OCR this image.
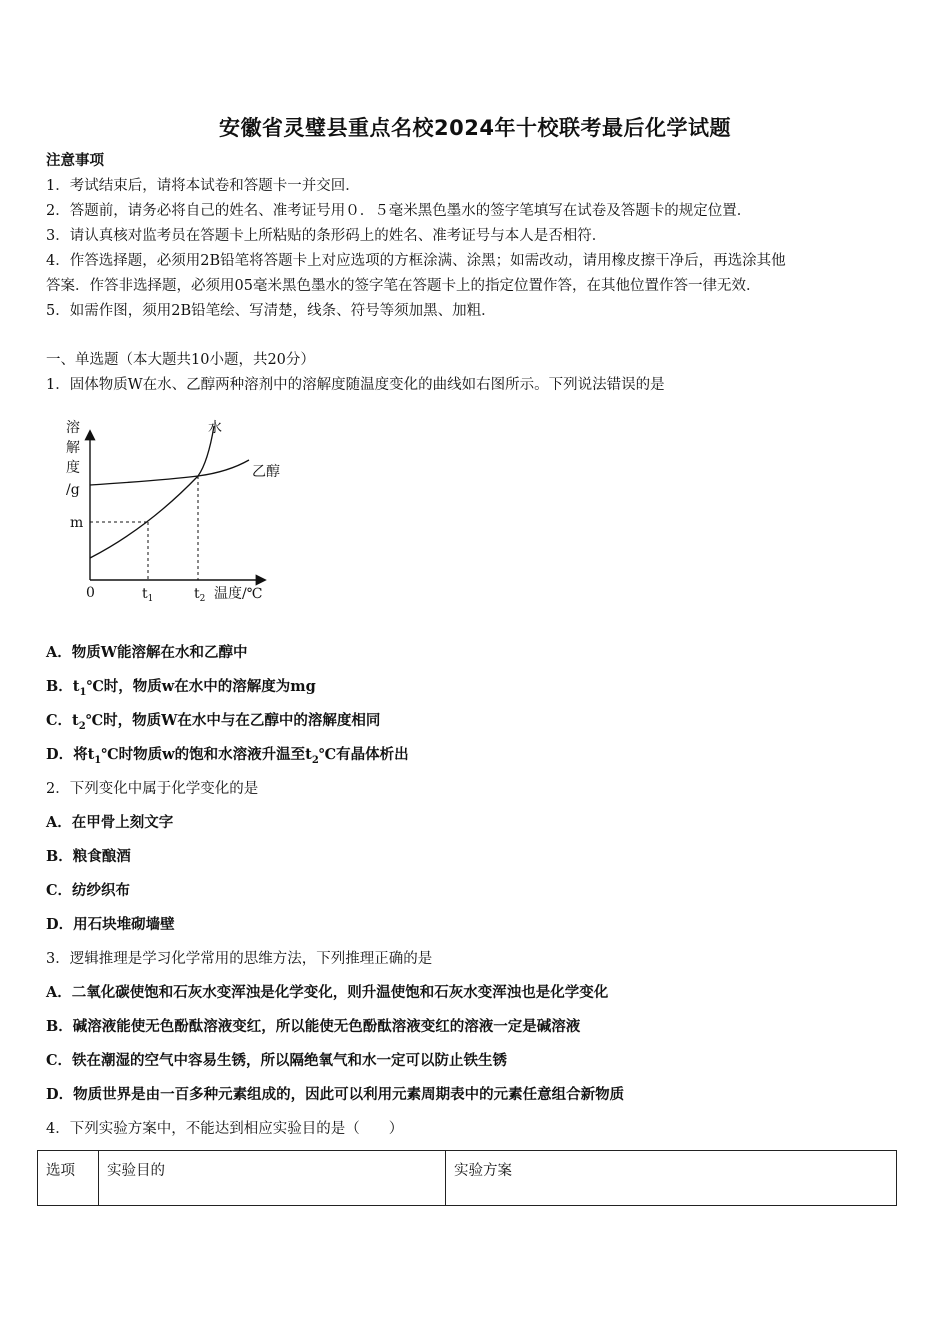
安徽省灵璧县重点名校2024年十校联考最后化学试题
注意事项
1．考试结束后，请将本试卷和答题卡一并交回．
2．答题前，请务必将自己的姓名、准考证号用０．５毫米黑色墨水的签字笔填写在试卷及答题卡的规定位置．
3．请认真核对监考员在答题卡上所粘贴的条形码上的姓名、准考证号与本人是否相符．
4．作答选择题，必须用2B铅笔将答题卡上对应选项的方框涂满、涂黑；如需改动，请用橡皮擦干净后，再选涂其他
答案．作答非选择题，必须用05毫米黑色墨水的签字笔在答题卡上的指定位置作答，在其他位置作答一律无效．
5．如需作图，须用2B铅笔绘、写清楚，线条、符号等须加黑、加粗．
一、单选题（本大题共10小题，共20分）
1．固体物质W在水、乙醇两种溶剂中的溶解度随温度变化的曲线如右图所示。下列说法错误的是
溶
解
度
/g
m
0	$t_1$	$t_2$ 温度/℃
水
乙醇
A．物质W能溶解在水和乙醇中
B．$t_1℃$时，物质w在水中的溶解度为mg
C．$t_2℃$时，物质W在水中与在乙醇中的溶解度相同
D．将$t_1℃$时物质w的饱和水溶液升温至$t_2℃$有晶体析出
2．下列变化中属于化学变化的是
A．在甲骨上刻文字
B．粮食酿酒
C．纺纱织布
D．用石块堆砌墙壁
3．逻辑推理是学习化学常用的思维方法，下列推理正确的是
A．二氧化碳使饱和石灰水变浑浊是化学变化，则升温使饱和石灰水变浑浊也是化学变化
B．碱溶液能使无色酚酞溶液变红，所以能使无色酚酞溶液变红的溶液一定是碱溶液
C．铁在潮湿的空气中容易生锈，所以隔绝氧气和水一定可以防止铁生锈
D．物质世界是由一百多种元素组成的，因此可以利用元素周期表中的元素任意组合新物质
4．下列实验方案中，不能达到相应实验目的是（　　）
选项	实验目的	实验方案
